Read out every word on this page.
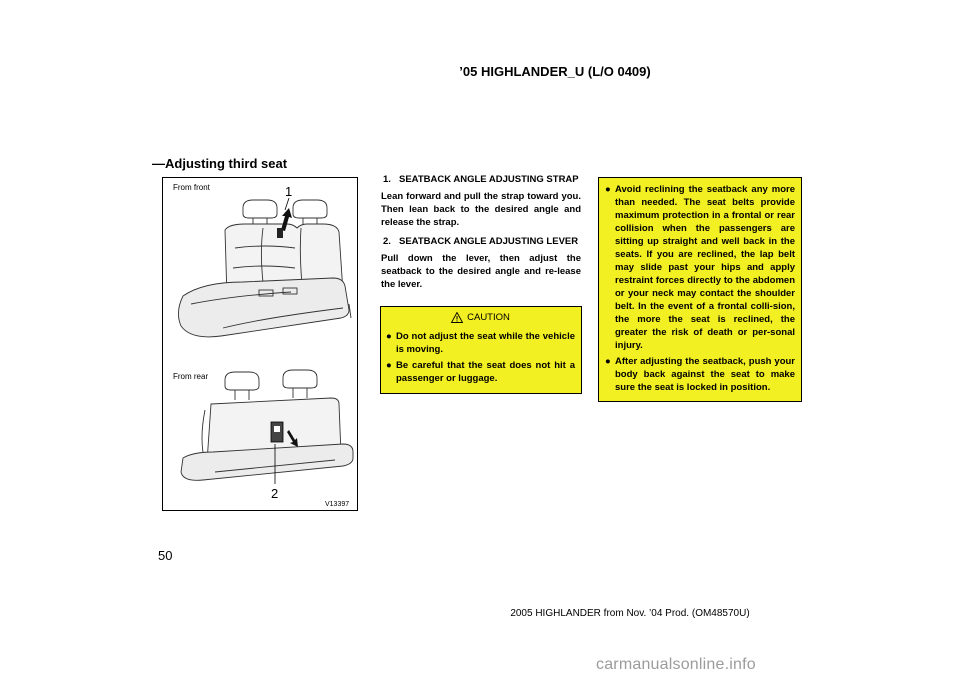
’05 HIGHLANDER_U (L/O 0409)
—Adjusting third seat
From front
From rear
1
2
V13397
1. SEATBACK ANGLE ADJUSTING STRAP
Lean forward and pull the strap toward you. Then lean back to the desired angle and release the strap.
2. SEATBACK ANGLE ADJUSTING LEVER
Pull down the lever, then adjust the seatback to the desired angle and re-lease the lever.
CAUTION
● Do not adjust the seat while the vehicle is moving.
● Be careful that the seat does not hit a passenger or luggage.
● Avoid reclining the seatback any more than needed. The seat belts provide maximum protection in a frontal or rear collision when the passengers are sitting up straight and well back in the seats. If you are reclined, the lap belt may slide past your hips and apply restraint forces directly to the abdomen or your neck may contact the shoulder belt. In the event of a frontal colli-sion, the more the seat is reclined, the greater the risk of death or per-sonal injury.
● After adjusting the seatback, push your body back against the seat to make sure the seat is locked in position.
50
2005 HIGHLANDER from Nov. ’04 Prod. (OM48570U)
carmanualsonline.info
